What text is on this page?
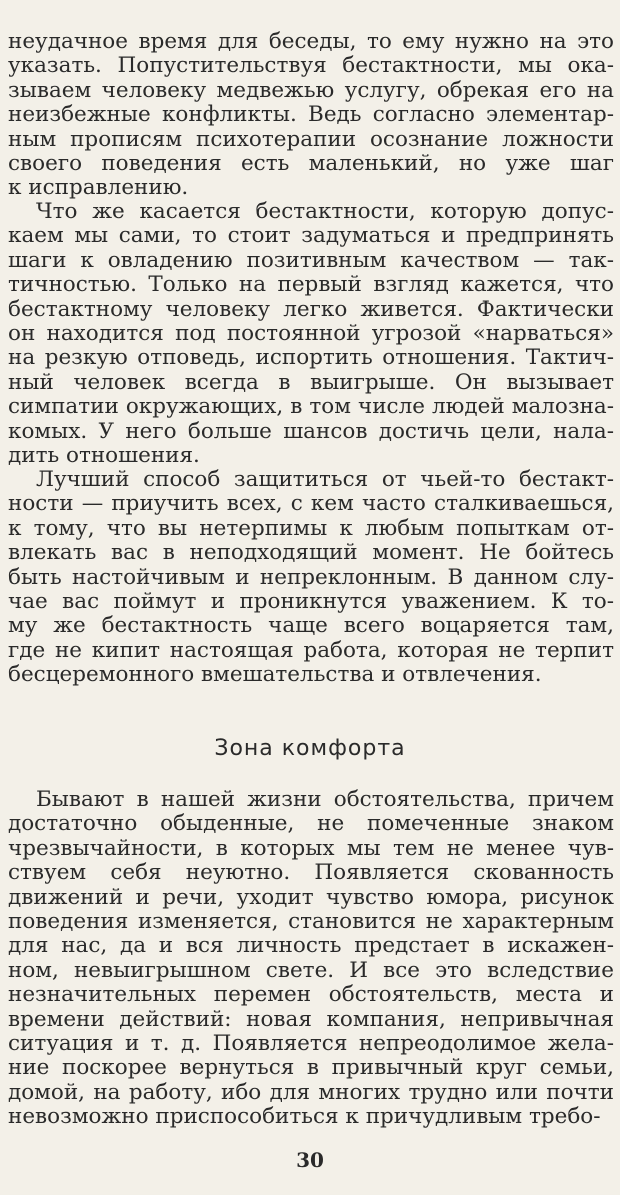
неудачное время для беседы, то ему нужно на это
указать. Попустительствуя бестактности, мы ока-
зываем человеку медвежью услугу, обрекая его на
неизбежные конфликты. Ведь согласно элементар-
ным прописям психотерапии осознание ложности
своего поведения есть маленький, но уже шаг
к исправлению.
Что же касается бестактности, которую допус-
каем мы сами, то стоит задуматься и предпринять
шаги к овладению позитивным качеством — так-
тичностью. Только на первый взгляд кажется, что
бестактному человеку легко живется. Фактически
он находится под постоянной угрозой «нарваться»
на резкую отповедь, испортить отношения. Тактич-
ный человек всегда в выигрыше. Он вызывает
симпатии окружающих, в том числе людей малозна-
комых. У него больше шансов достичь цели, нала-
дить отношения.
Лучший способ защититься от чьей-то бестакт-
ности — приучить всех, с кем часто сталкиваешься,
к тому, что вы нетерпимы к любым попыткам от-
влекать вас в неподходящий момент. Не бойтесь
быть настойчивым и непреклонным. В данном слу-
чае вас поймут и проникнутся уважением. К то-
му же бестактность чаще всего воцаряется там,
где не кипит настоящая работа, которая не терпит
бесцеремонного вмешательства и отвлечения.
Зона комфорта
Бывают в нашей жизни обстоятельства, причем
достаточно обыденные, не помеченные знаком
чрезвычайности, в которых мы тем не менее чув-
ствуем себя неуютно. Появляется скованность
движений и речи, уходит чувство юмора, рисунок
поведения изменяется, становится не характерным
для нас, да и вся личность предстает в искажен-
ном, невыигрышном свете. И все это вследствие
незначительных перемен обстоятельств, места и
времени действий: новая компания, непривычная
ситуация и т. д. Появляется непреодолимое жела-
ние поскорее вернуться в привычный круг семьи,
домой, на работу, ибо для многих трудно или почти
невозможно приспособиться к причудливым требо-
30
